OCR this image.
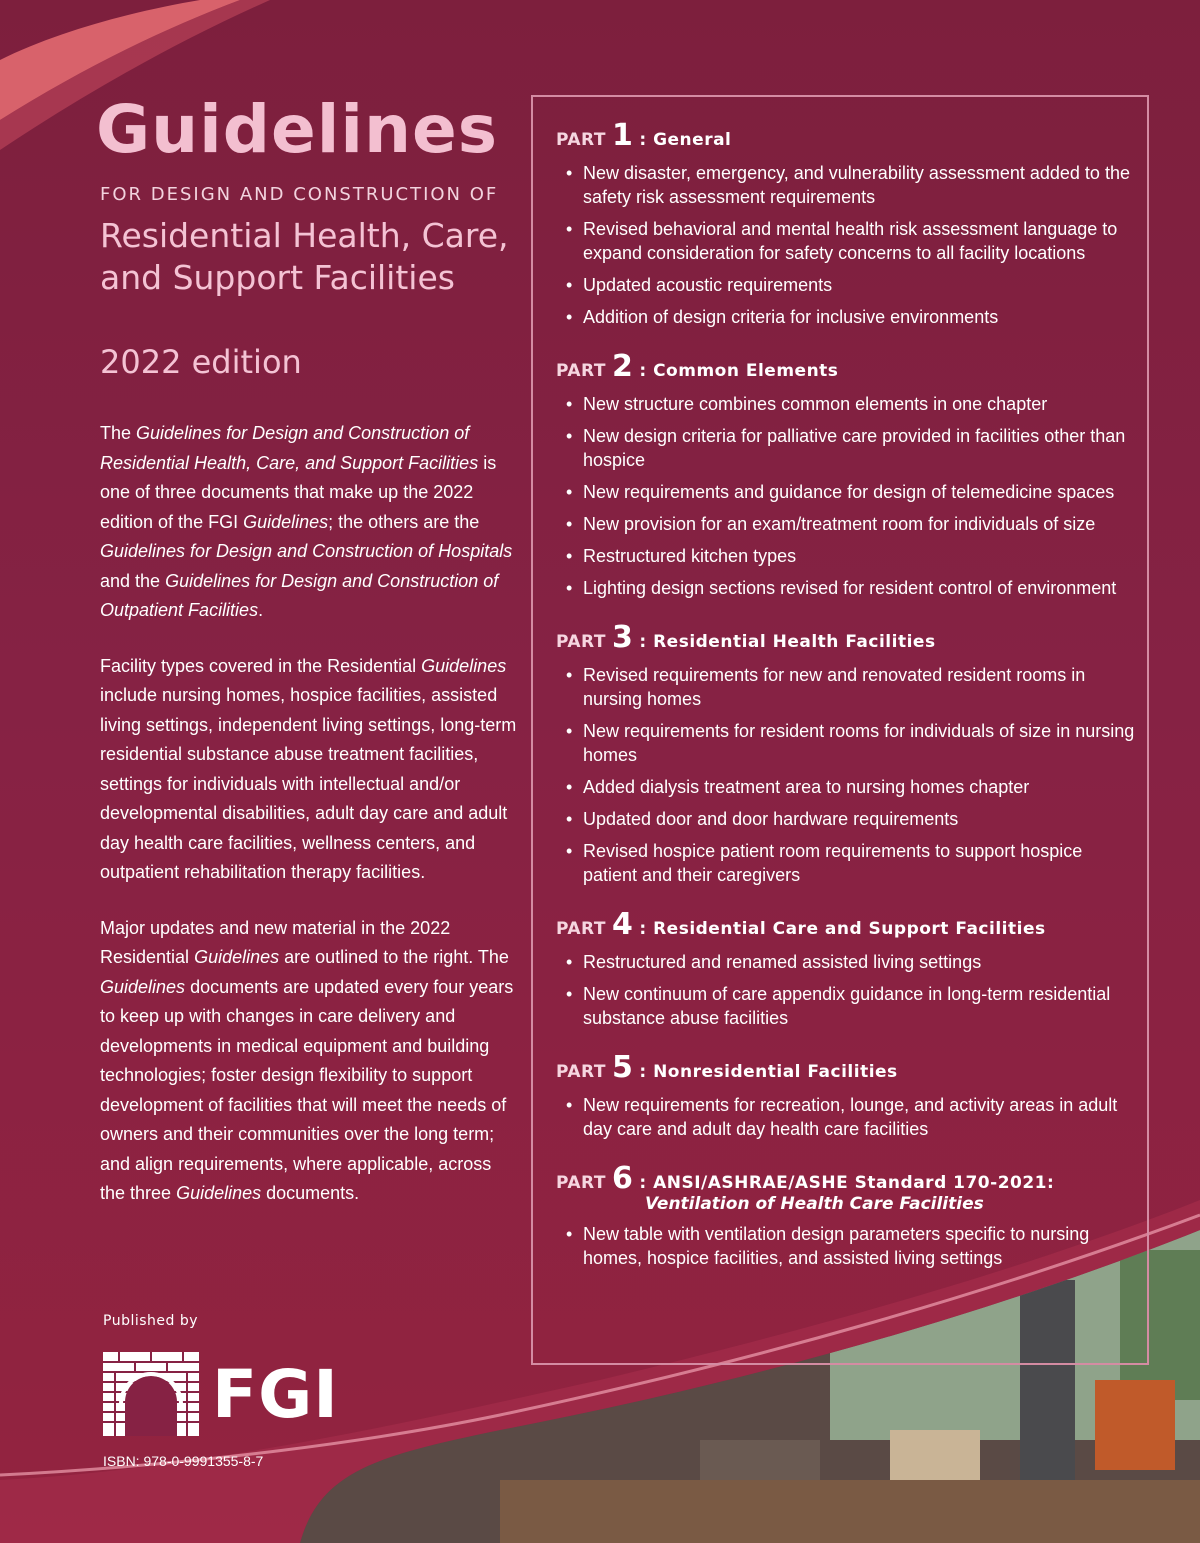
Guidelines
FOR DESIGN AND CONSTRUCTION OF
Residential Health, Care,
and Support Facilities
2022 edition

The Guidelines for Design and Construction of Residential Health, Care, and Support Facilities is one of three documents that make up the 2022 edition of the FGI Guidelines; the others are the Guidelines for Design and Construction of Hospitals and the Guidelines for Design and Construction of Outpatient Facilities.

Facility types covered in the Residential Guidelines include nursing homes, hospice facilities, assisted living settings, independent living settings, long-term residential substance abuse treatment facilities, settings for individuals with intellectual and/or developmental disabilities, adult day care and adult day health care facilities, wellness centers, and outpatient rehabilitation therapy facilities.

Major updates and new material in the 2022 Residential Guidelines are outlined to the right. The Guidelines documents are updated every four years to keep up with changes in care delivery and developments in medical equipment and building technologies; foster design flexibility to support development of facilities that will meet the needs of owners and their communities over the long term; and align requirements, where applicable, across the three Guidelines documents.

Published by
FGI
ISBN: 978-0-9991355-8-7
PART 1 : General
• New disaster, emergency, and vulnerability assessment added to the safety risk assessment requirements
• Revised behavioral and mental health risk assessment language to expand consideration for safety concerns to all facility locations
• Updated acoustic requirements
• Addition of design criteria for inclusive environments
PART 2 : Common Elements
• New structure combines common elements in one chapter
• New design criteria for palliative care provided in facilities other than hospice
• New requirements and guidance for design of telemedicine spaces
• New provision for an exam/treatment room for individuals of size
• Restructured kitchen types
• Lighting design sections revised for resident control of environment
PART 3 : Residential Health Facilities
• Revised requirements for new and renovated resident rooms in nursing homes
• New requirements for resident rooms for individuals of size in nursing homes
• Added dialysis treatment area to nursing homes chapter
• Updated door and door hardware requirements
• Revised hospice patient room requirements to support hospice patient and their caregivers
PART 4 : Residential Care and Support Facilities
• Restructured and renamed assisted living settings
• New continuum of care appendix guidance in long-term residential substance abuse facilities
PART 5 : Nonresidential Facilities
• New requirements for recreation, lounge, and activity areas in adult day care and adult day health care facilities
PART 6 : ANSI/ASHRAE/ASHE Standard 170-2021:
Ventilation of Health Care Facilities
• New table with ventilation design parameters specific to nursing homes, hospice facilities, and assisted living settings
